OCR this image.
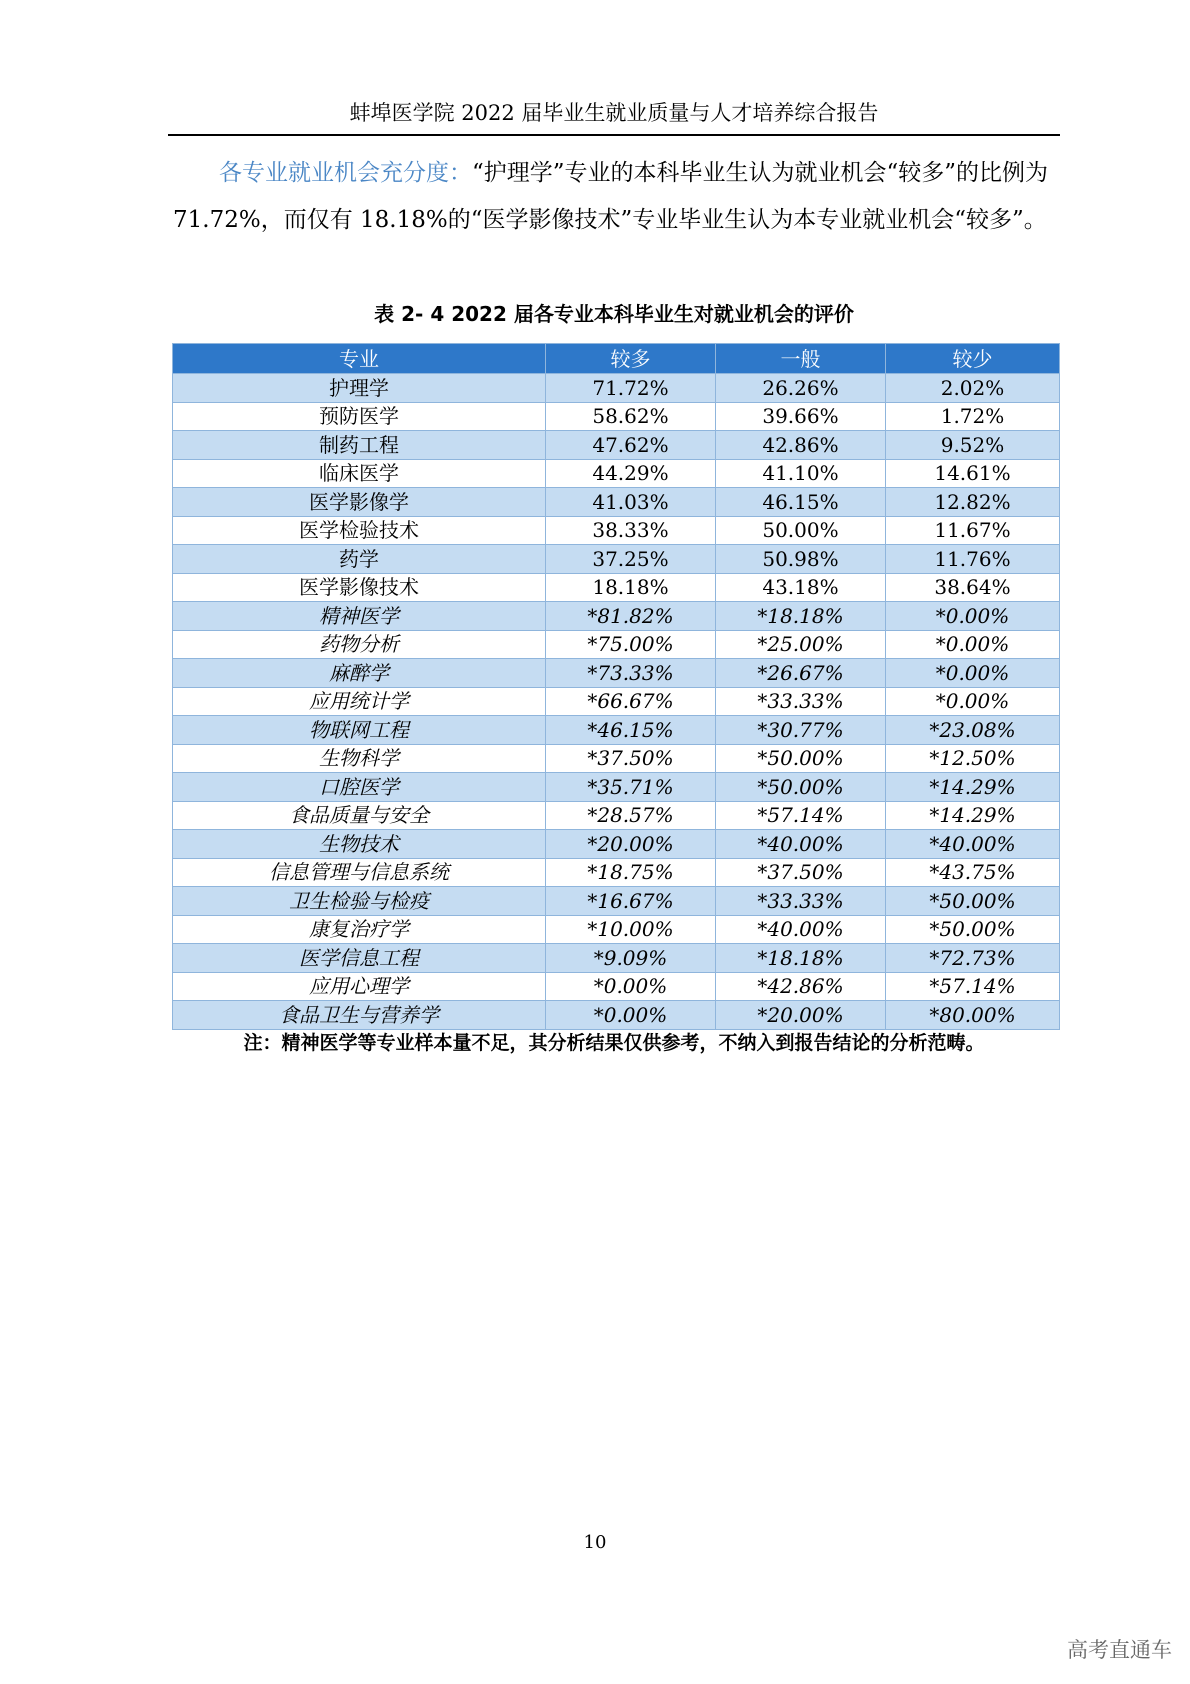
蚌埠医学院 2022 届毕业生就业质量与人才培养综合报告

各专业就业机会充分度：“护理学”专业的本科毕业生认为就业机会“较多”的比例为 71.72%，而仅有 18.18%的“医学影像技术”专业毕业生认为本专业就业机会“较多”。

表 2- 4 2022 届各专业本科毕业生对就业机会的评价
专业	较多	一般	较少
护理学	71.72%	26.26%	2.02%
预防医学	58.62%	39.66%	1.72%
制药工程	47.62%	42.86%	9.52%
临床医学	44.29%	41.10%	14.61%
医学影像学	41.03%	46.15%	12.82%
医学检验技术	38.33%	50.00%	11.67%
药学	37.25%	50.98%	11.76%
医学影像技术	18.18%	43.18%	38.64%
精神医学	*81.82%	*18.18%	*0.00%
药物分析	*75.00%	*25.00%	*0.00%
麻醉学	*73.33%	*26.67%	*0.00%
应用统计学	*66.67%	*33.33%	*0.00%
物联网工程	*46.15%	*30.77%	*23.08%
生物科学	*37.50%	*50.00%	*12.50%
口腔医学	*35.71%	*50.00%	*14.29%
食品质量与安全	*28.57%	*57.14%	*14.29%
生物技术	*20.00%	*40.00%	*40.00%
信息管理与信息系统	*18.75%	*37.50%	*43.75%
卫生检验与检疫	*16.67%	*33.33%	*50.00%
康复治疗学	*10.00%	*40.00%	*50.00%
医学信息工程	*9.09%	*18.18%	*72.73%
应用心理学	*0.00%	*42.86%	*57.14%
食品卫生与营养学	*0.00%	*20.00%	*80.00%
注：精神医学等专业样本量不足，其分析结果仅供参考，不纳入到报告结论的分析范畴。
10
高考直通车
